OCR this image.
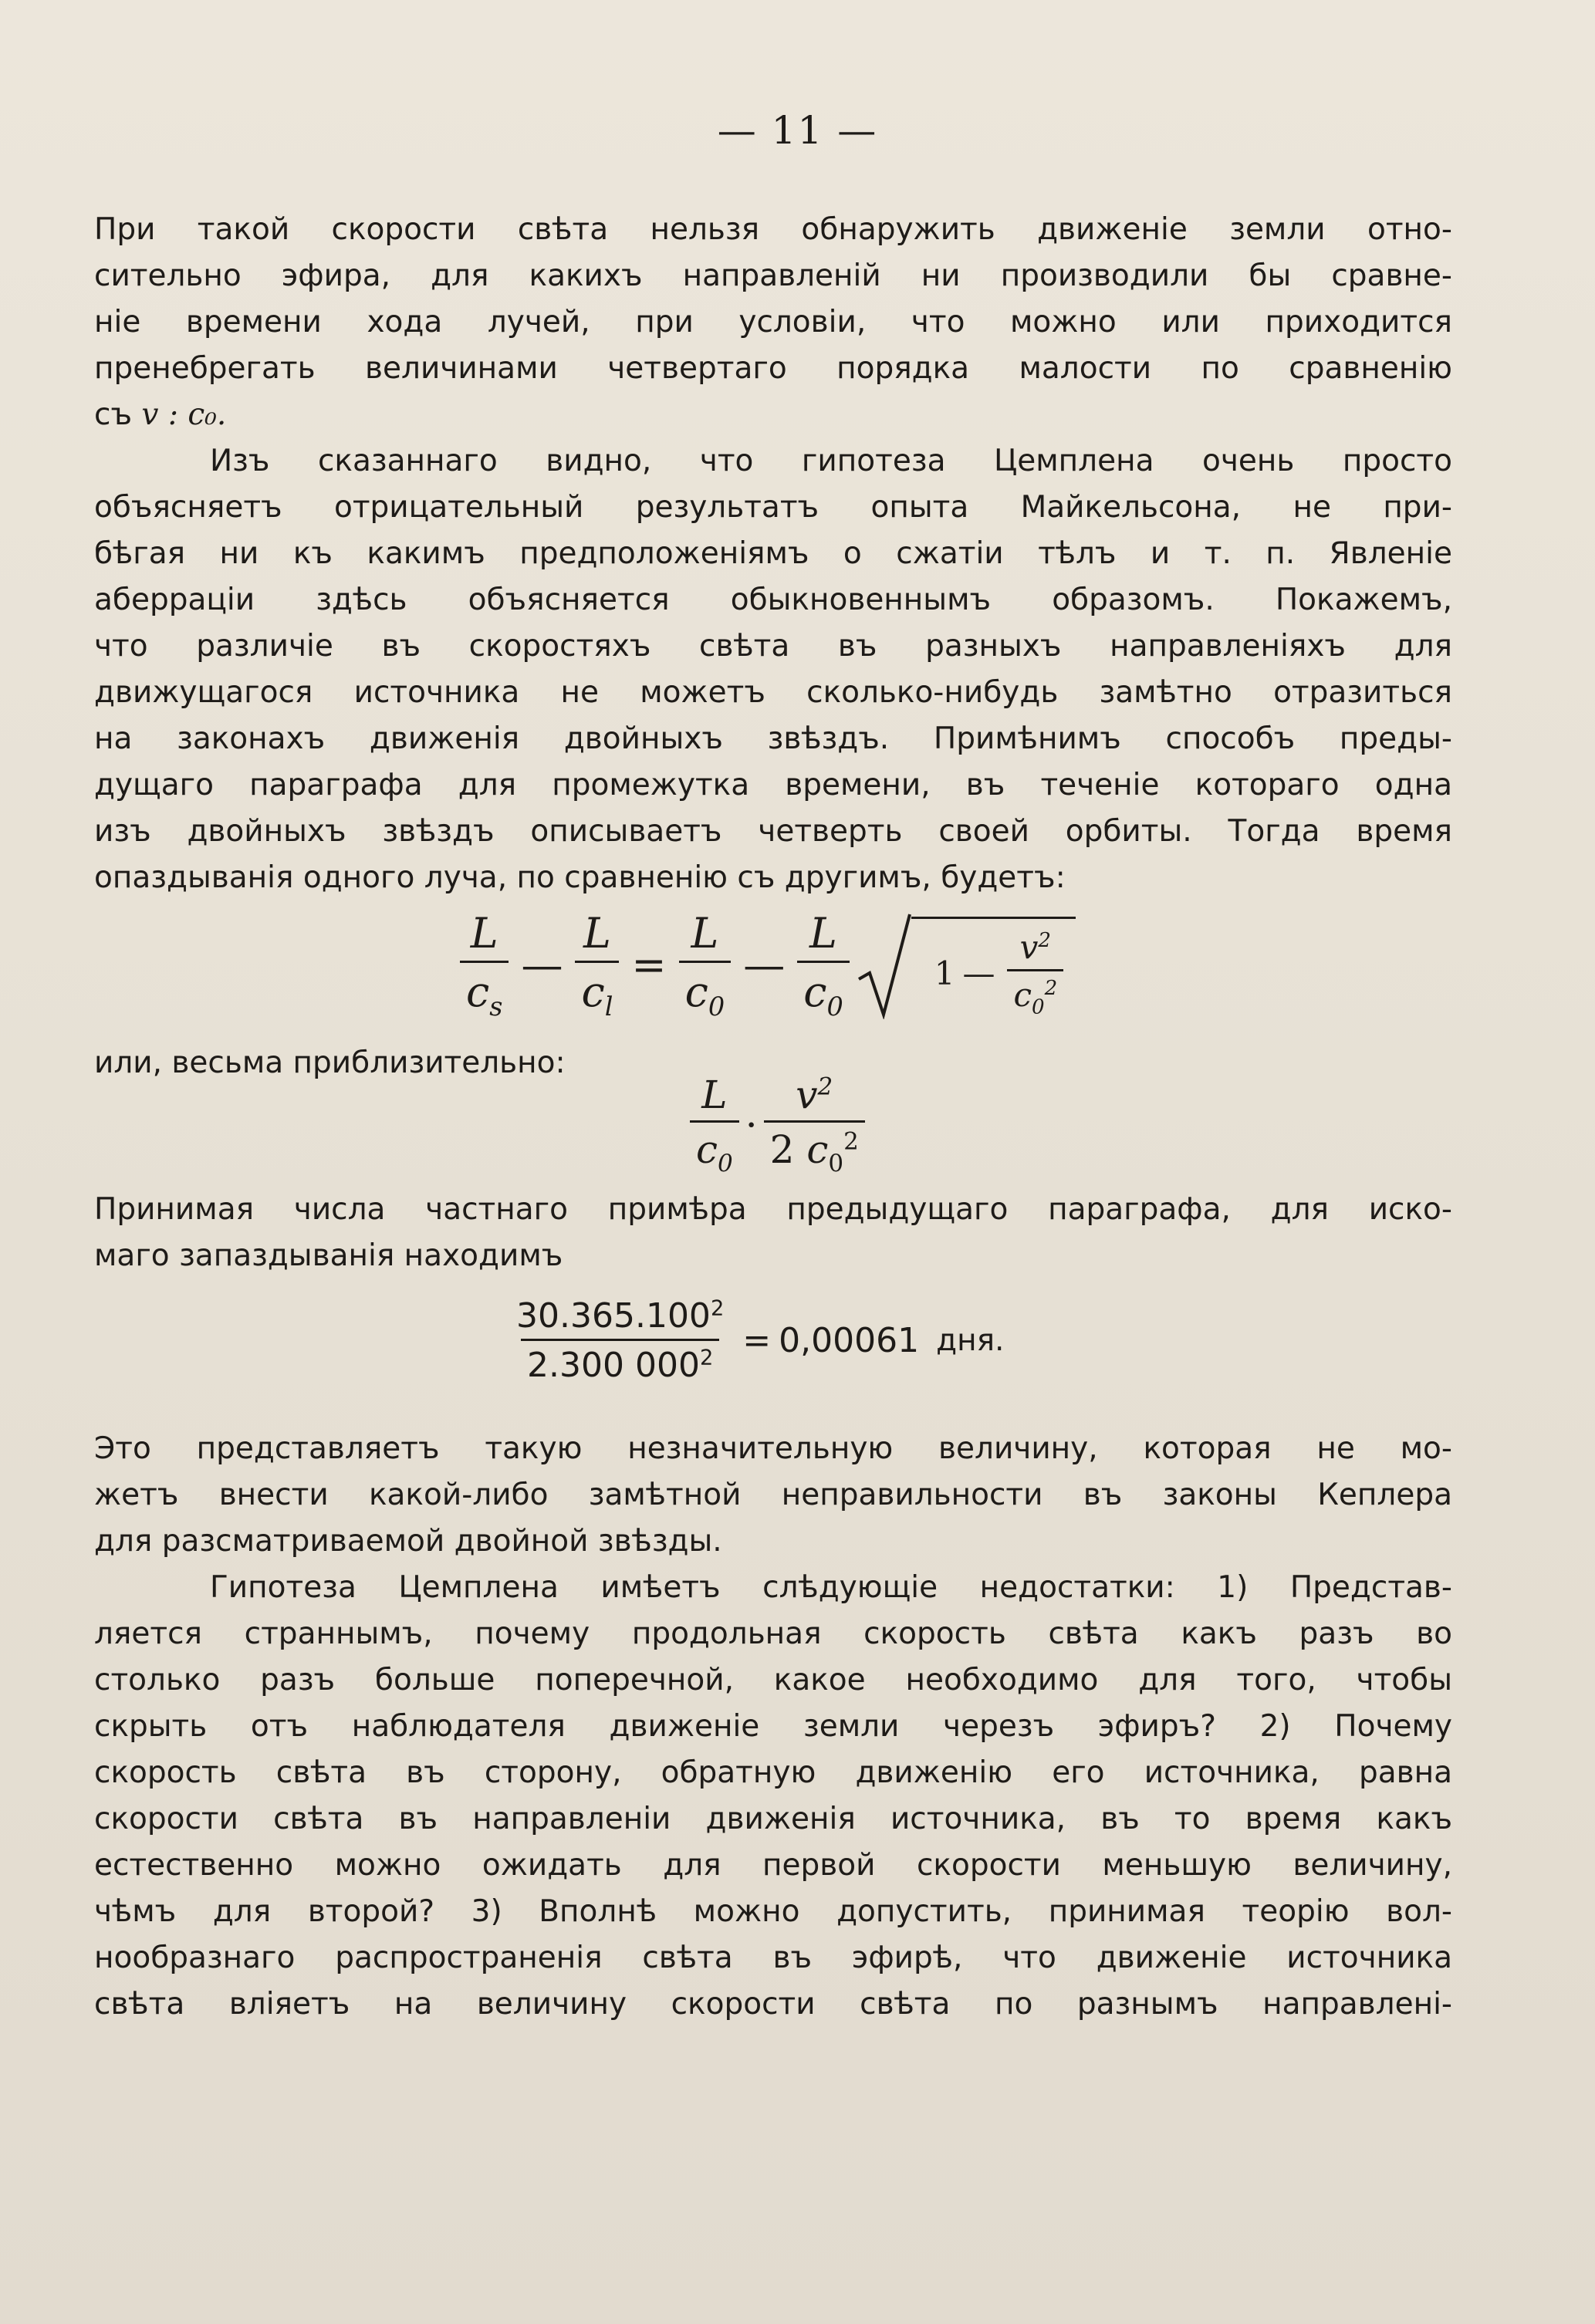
— 11 —
При такой скорости свѣта нельзя обнаружить движеніе земли отно-
сительно эфира, для какихъ направленій ни производили бы сравне-
ніе времени хода лучей, при условіи, что можно или приходится
пренебрегать величинами четвертаго порядка малости по сравненію
съ v : c₀.
Изъ сказаннаго видно, что гипотеза Цемплена очень просто
объясняетъ отрицательный результатъ опыта Майкельсона, не при-
бѣгая ни къ какимъ предположеніямъ о сжатіи тѣлъ и т. п. Явленіе
аберраціи здѣсь объясняется обыкновеннымъ образомъ. Покажемъ,
что различіе въ скоростяхъ свѣта въ разныхъ направленіяхъ для
движущагося источника не можетъ сколько-нибудь замѣтно отразиться
на законахъ движенія двойныхъ звѣздъ. Примѣнимъ способъ преды-
дущаго параграфа для промежутка времени, въ теченіе котораго одна
изъ двойныхъ звѣздъ описываетъ четверть своей орбиты. Тогда время
опаздыванія одного луча, по сравненію съ другимъ, будетъ:
$\frac{L}{c_s}$ — $\frac{L}{c_l} = \frac{L}{c_0}$ — $\frac{L}{c_0}$	1 — $\frac{v^2}{c_0^2}$
или, весьма приблизительно:
$\frac{L}{c_0} \cdot \frac{v^2}{2 c_0^2}$
Принимая числа частнаго примѣра предыдущаго параграфа, для иско-
маго запаздыванія находимъ
$\frac{30.365.100^2}{2.300 000^2} = 0,00061$ дня.
Это представляетъ такую незначительную величину, которая не мо-
жетъ внести какой-либо замѣтной неправильности въ законы Кеплера
для разсматриваемой двойной звѣзды.
Гипотеза Цемплена имѣетъ слѣдующіе недостатки: 1) Представ-
ляется страннымъ, почему продольная скорость свѣта какъ разъ во
столько разъ больше поперечной, какое необходимо для того, чтобы
скрыть отъ наблюдателя движеніе земли черезъ эфиръ? 2) Почему
скорость свѣта въ сторону, обратную движенію его источника, равна
скорости свѣта въ направленіи движенія источника, въ то время какъ
естественно можно ожидать для первой скорости меньшую величину,
чѣмъ для второй? 3) Вполнѣ можно допустить, принимая теорію вол-
нообразнаго распространенія свѣта въ эфирѣ, что движеніе источника
свѣта вліяетъ на величину скорости свѣта по разнымъ направлені-
